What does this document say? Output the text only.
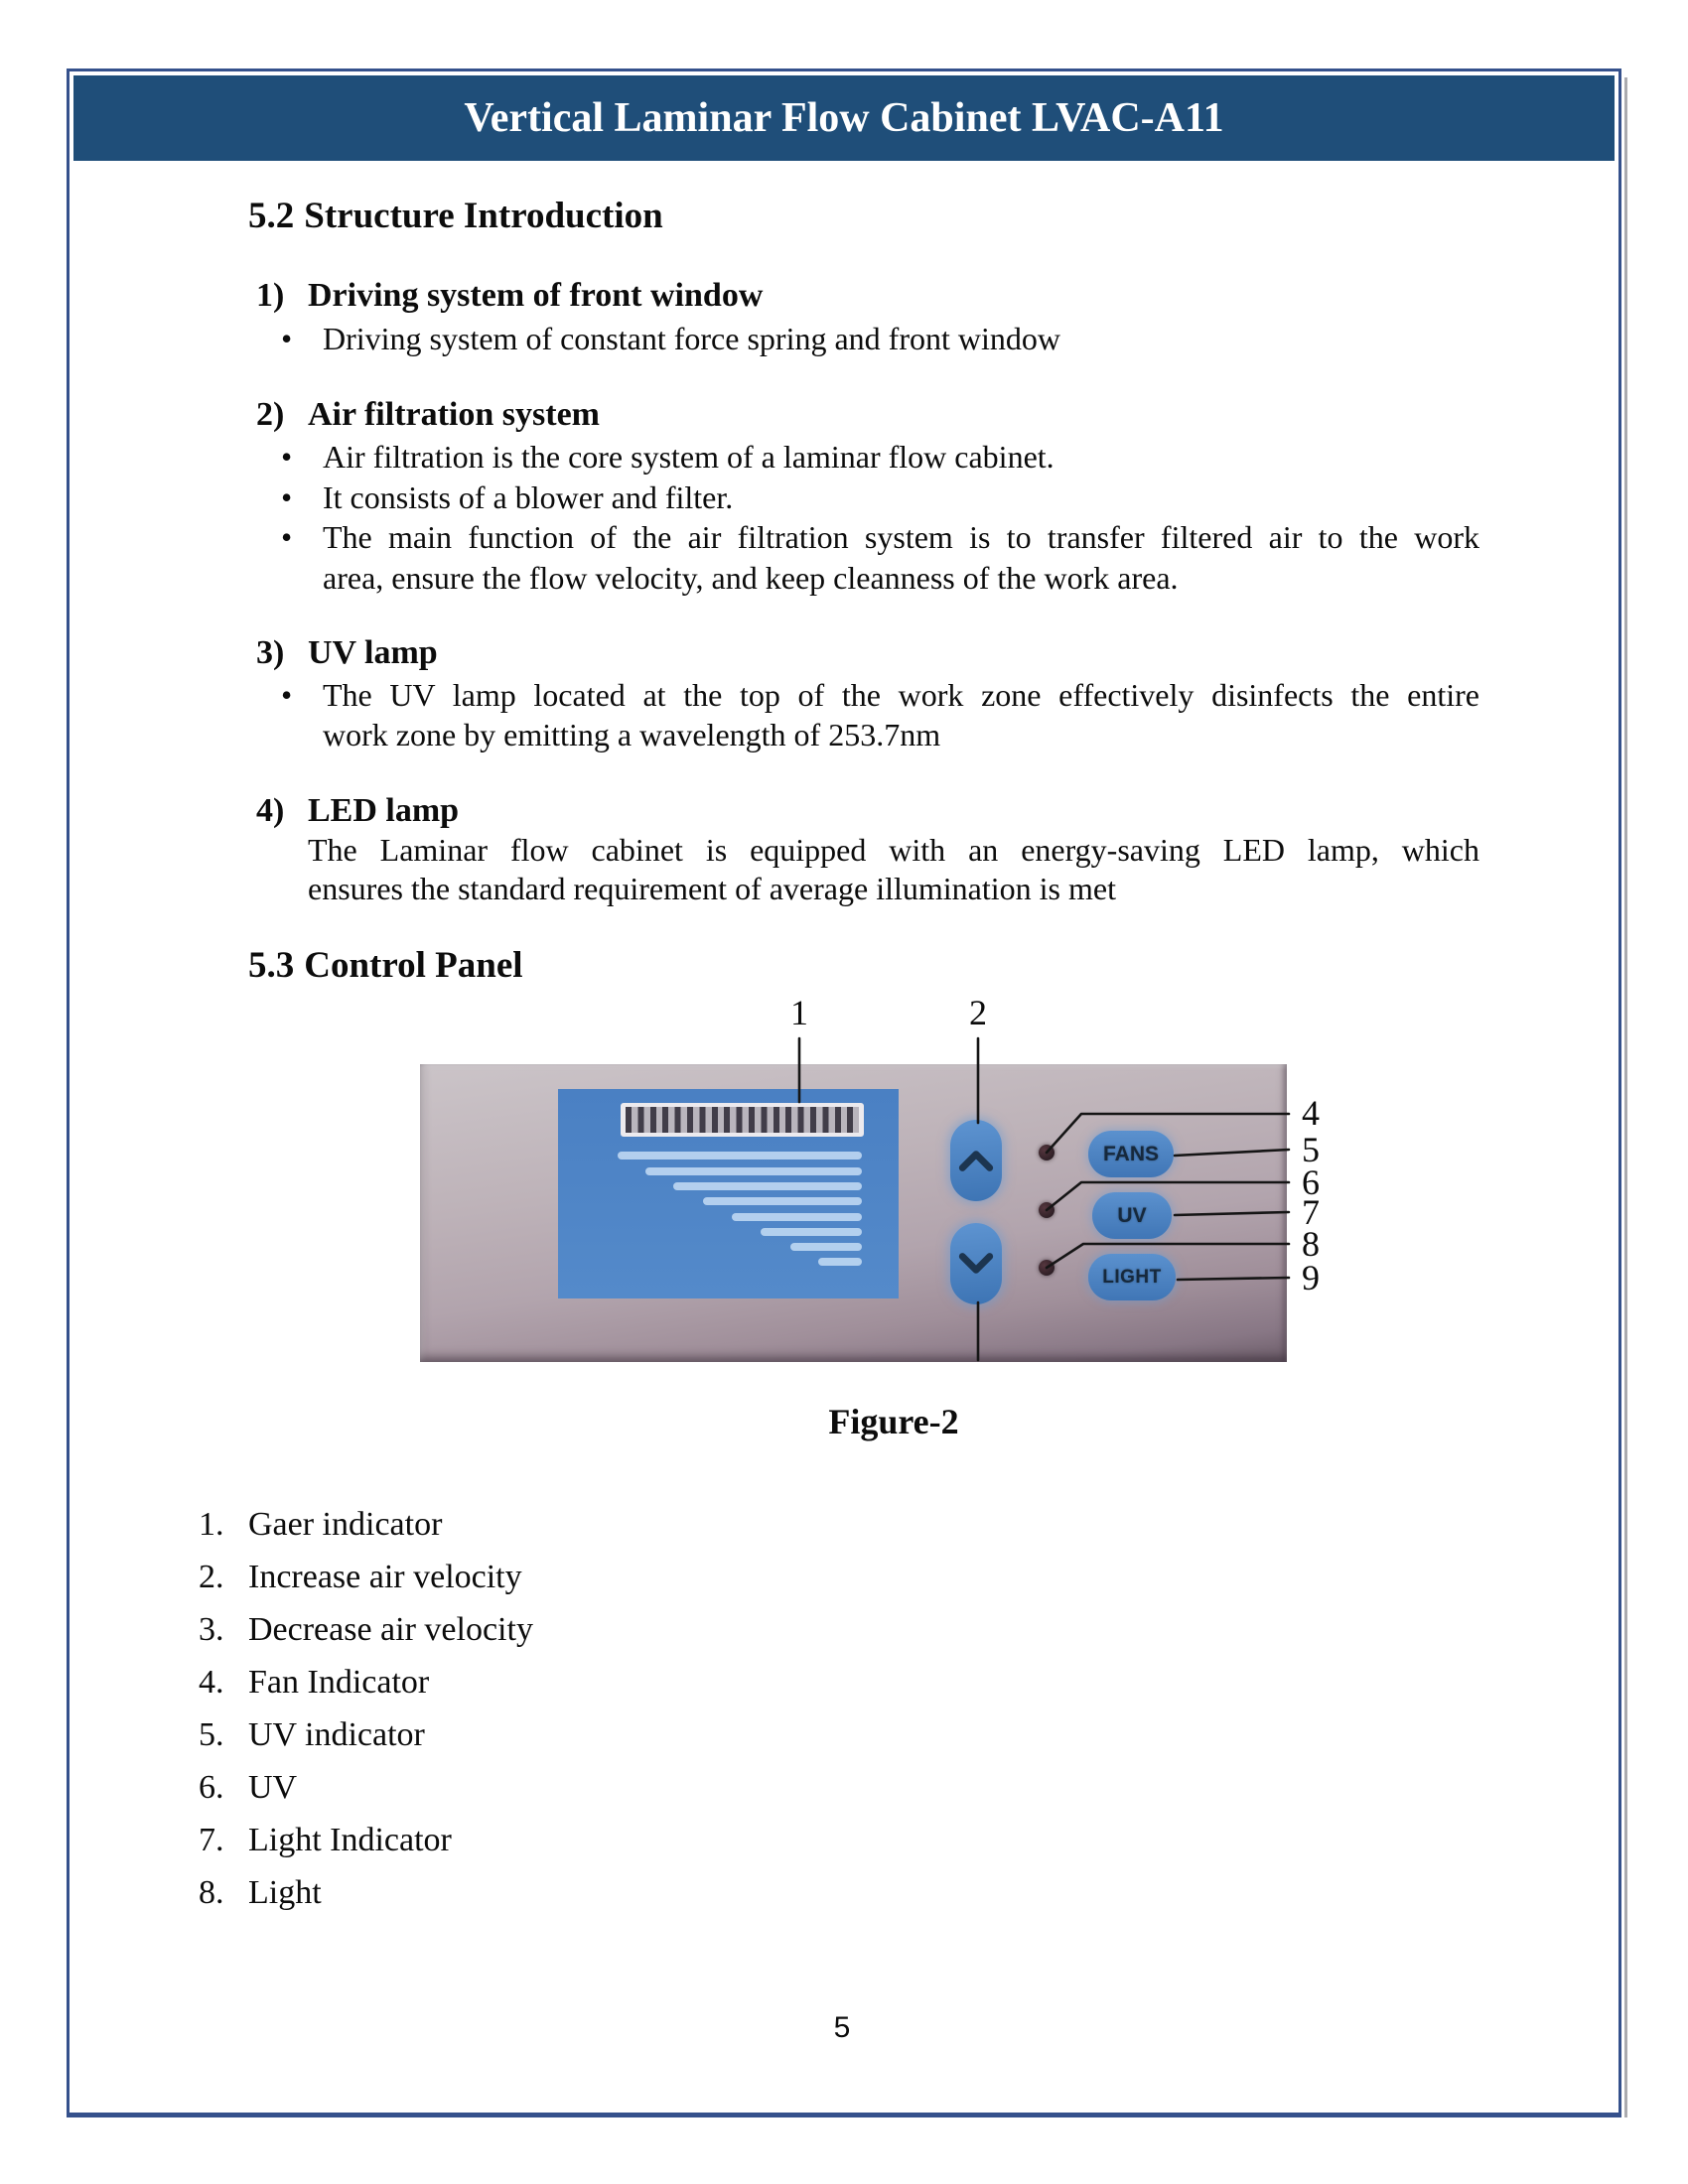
Vertical Laminar Flow Cabinet LVAC-A11
5.2 Structure Introduction
1) Driving system of front window
• Driving system of constant force spring and front window
2) Air filtration system
• Air filtration is the core system of a laminar flow cabinet.
• It consists of a blower and filter.
• The main function of the air filtration system is to transfer filtered air to the work
area, ensure the flow velocity, and keep cleanness of the work area.
3) UV lamp
• The UV lamp located at the top of the work zone effectively disinfects the entire
work zone by emitting a wavelength of 253.7nm
4) LED lamp
The Laminar flow cabinet is equipped with an energy-saving LED lamp, which
ensures the standard requirement of average illumination is met
5.3 Control Panel
FANS
UV
LIGHT
1	2
4
5
6
7
8
9
Figure-2
1. Gaer indicator
2. Increase air velocity
3. Decrease air velocity
4. Fan Indicator
5. UV indicator
6. UV
7. Light Indicator
8. Light
5
